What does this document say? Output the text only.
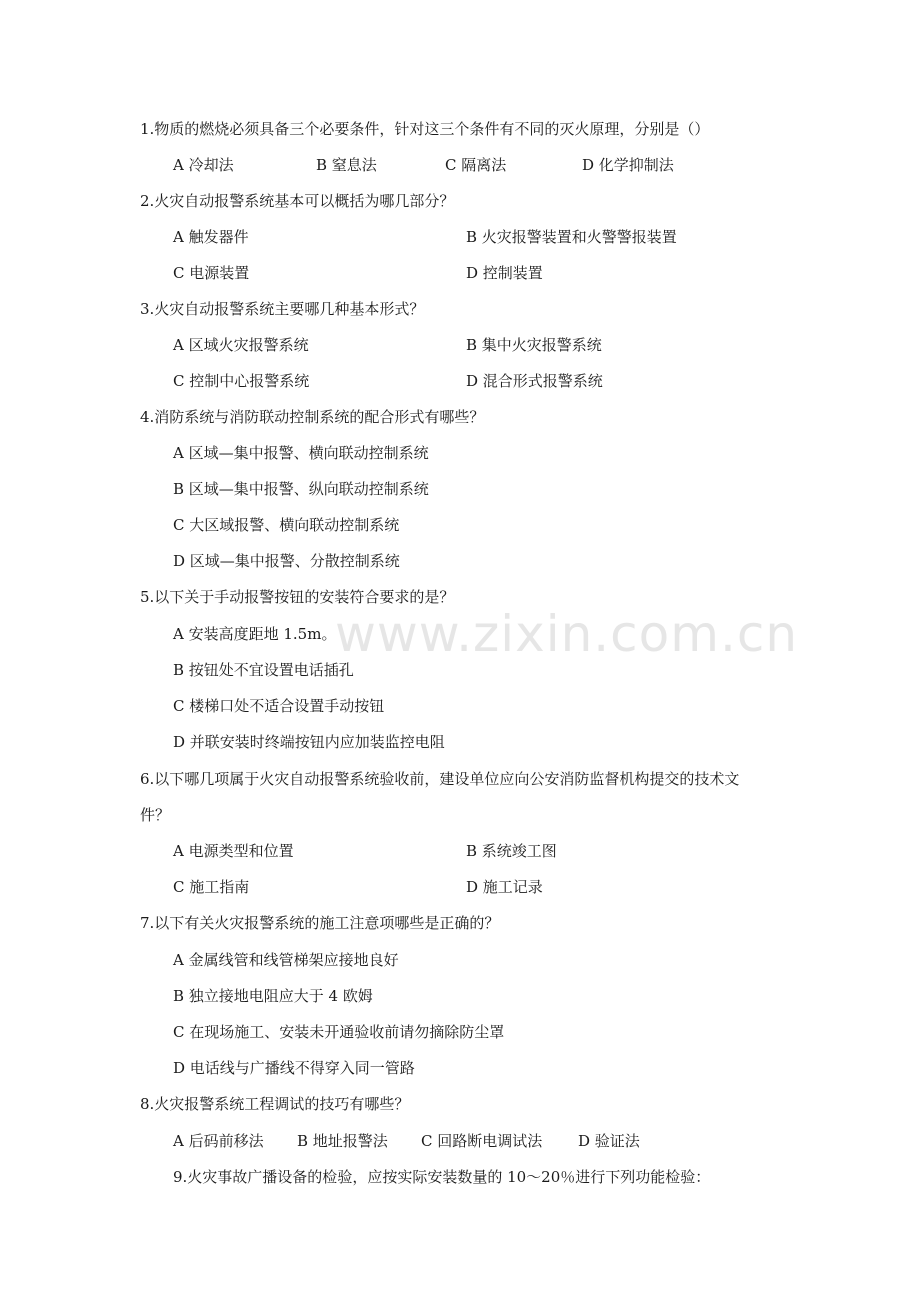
www.zixin.com.cn
1.物质的燃烧必须具备三个必要条件，针对这三个条件有不同的灭火原理，分别是（）
A 冷却法	B 窒息法	C 隔离法	D 化学抑制法
2.火灾自动报警系统基本可以概括为哪几部分？
A 触发器件	B 火灾报警装置和火警警报装置
C 电源装置	D 控制装置
3.火灾自动报警系统主要哪几种基本形式？
A 区域火灾报警系统	B 集中火灾报警系统
C 控制中心报警系统	D 混合形式报警系统
4.消防系统与消防联动控制系统的配合形式有哪些？
A 区域—集中报警、横向联动控制系统
B 区域—集中报警、纵向联动控制系统
C 大区域报警、横向联动控制系统
D 区域—集中报警、分散控制系统
5.以下关于手动报警按钮的安装符合要求的是？
A 安装高度距地 1.5m。
B 按钮处不宜设置电话插孔
C 楼梯口处不适合设置手动按钮
D 并联安装时终端按钮内应加装监控电阻
6.以下哪几项属于火灾自动报警系统验收前，建设单位应向公安消防监督机构提交的技术文
件？
A 电源类型和位置	B 系统竣工图
C 施工指南	D 施工记录
7.以下有关火灾报警系统的施工注意项哪些是正确的？
A 金属线管和线管梯架应接地良好
B 独立接地电阻应大于 4 欧姆
C 在现场施工、安装未开通验收前请勿摘除防尘罩
D 电话线与广播线不得穿入同一管路
8.火灾报警系统工程调试的技巧有哪些？
A 后码前移法 B 地址报警法 C 回路断电调试法 D 验证法
9.火灾事故广播设备的检验，应按实际安装数量的 10～20％进行下列功能检验：
